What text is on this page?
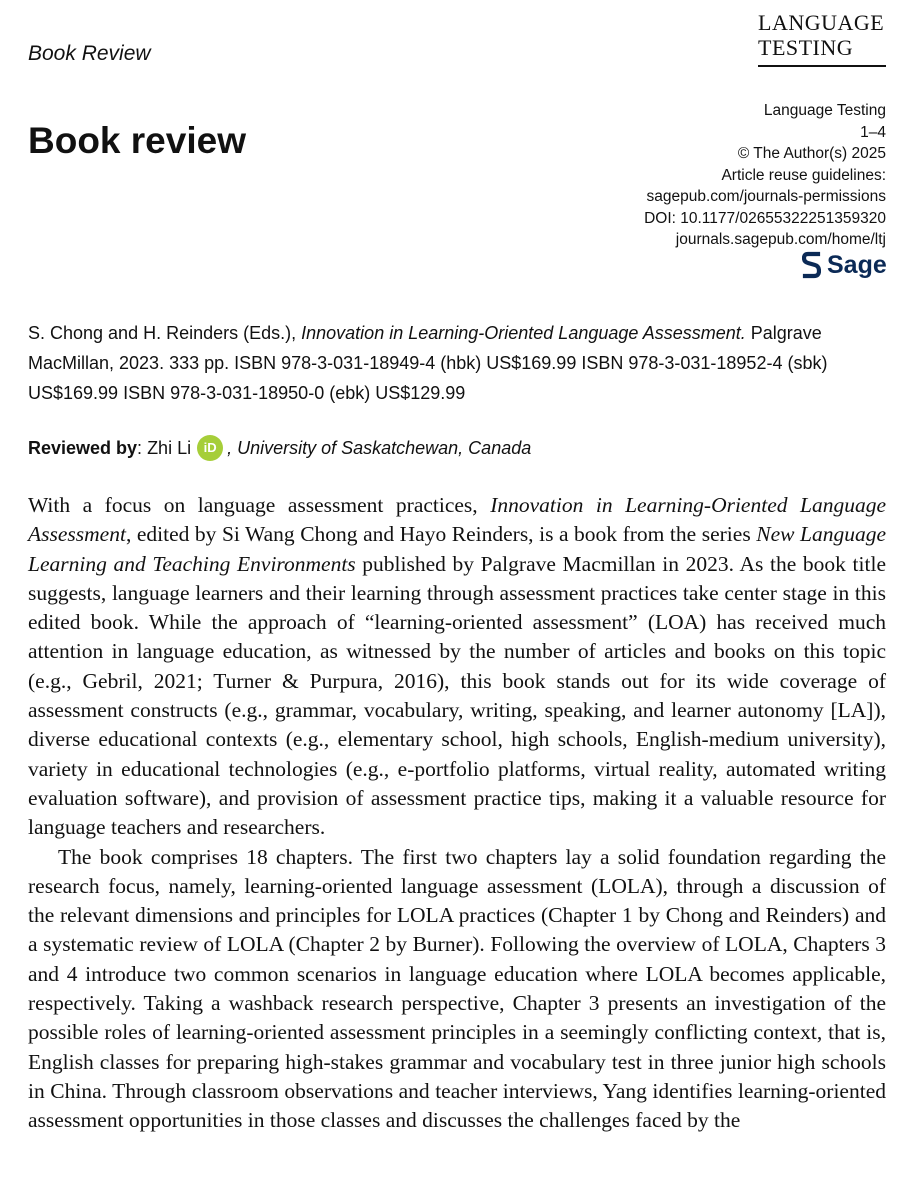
Book Review
LANGUAGE
TESTING
Book review
Language Testing
1–4
© The Author(s) 2025
Article reuse guidelines:
sagepub.com/journals-permissions
DOI: 10.1177/02655322251359320
journals.sagepub.com/home/ltj
Sage
S. Chong and H. Reinders (Eds.), Innovation in Learning-Oriented Language Assessment. Palgrave MacMillan, 2023. 333 pp. ISBN 978-3-031-18949-4 (hbk) US$169.99 ISBN 978-3-031-18952-4 (sbk) US$169.99 ISBN 978-3-031-18950-0 (ebk) US$129.99
Reviewed by : Zhi Li iD , University of Saskatchewan, Canada

With a focus on language assessment practices, Innovation in Learning-Oriented Language Assessment, edited by Si Wang Chong and Hayo Reinders, is a book from the series New Language Learning and Teaching Environments published by Palgrave Macmillan in 2023. As the book title suggests, language learners and their learning through assessment practices take center stage in this edited book. While the approach of “learning-oriented assessment” (LOA) has received much attention in language education, as witnessed by the number of articles and books on this topic (e.g., Gebril, 2021; Turner & Purpura, 2016), this book stands out for its wide coverage of assessment constructs (e.g., grammar, vocabulary, writing, speaking, and learner autonomy [LA]), diverse educational contexts (e.g., elementary school, high schools, English-medium university), variety in educational technologies (e.g., e-portfolio platforms, virtual reality, automated writing evaluation software), and provision of assessment practice tips, making it a valuable resource for language teachers and researchers.

The book comprises 18 chapters. The first two chapters lay a solid foundation regarding the research focus, namely, learning-oriented language assessment (LOLA), through a discussion of the relevant dimensions and principles for LOLA practices (Chapter 1 by Chong and Reinders) and a systematic review of LOLA (Chapter 2 by Burner). Following the overview of LOLA, Chapters 3 and 4 introduce two common scenarios in language education where LOLA becomes applicable, respectively. Taking a washback research perspective, Chapter 3 presents an investigation of the possible roles of learning-oriented assessment principles in a seemingly conflicting context, that is, English classes for preparing high-stakes grammar and vocabulary test in three junior high schools in China. Through classroom observations and teacher interviews, Yang identifies learning-oriented assessment opportunities in those classes and discusses the challenges faced by the
